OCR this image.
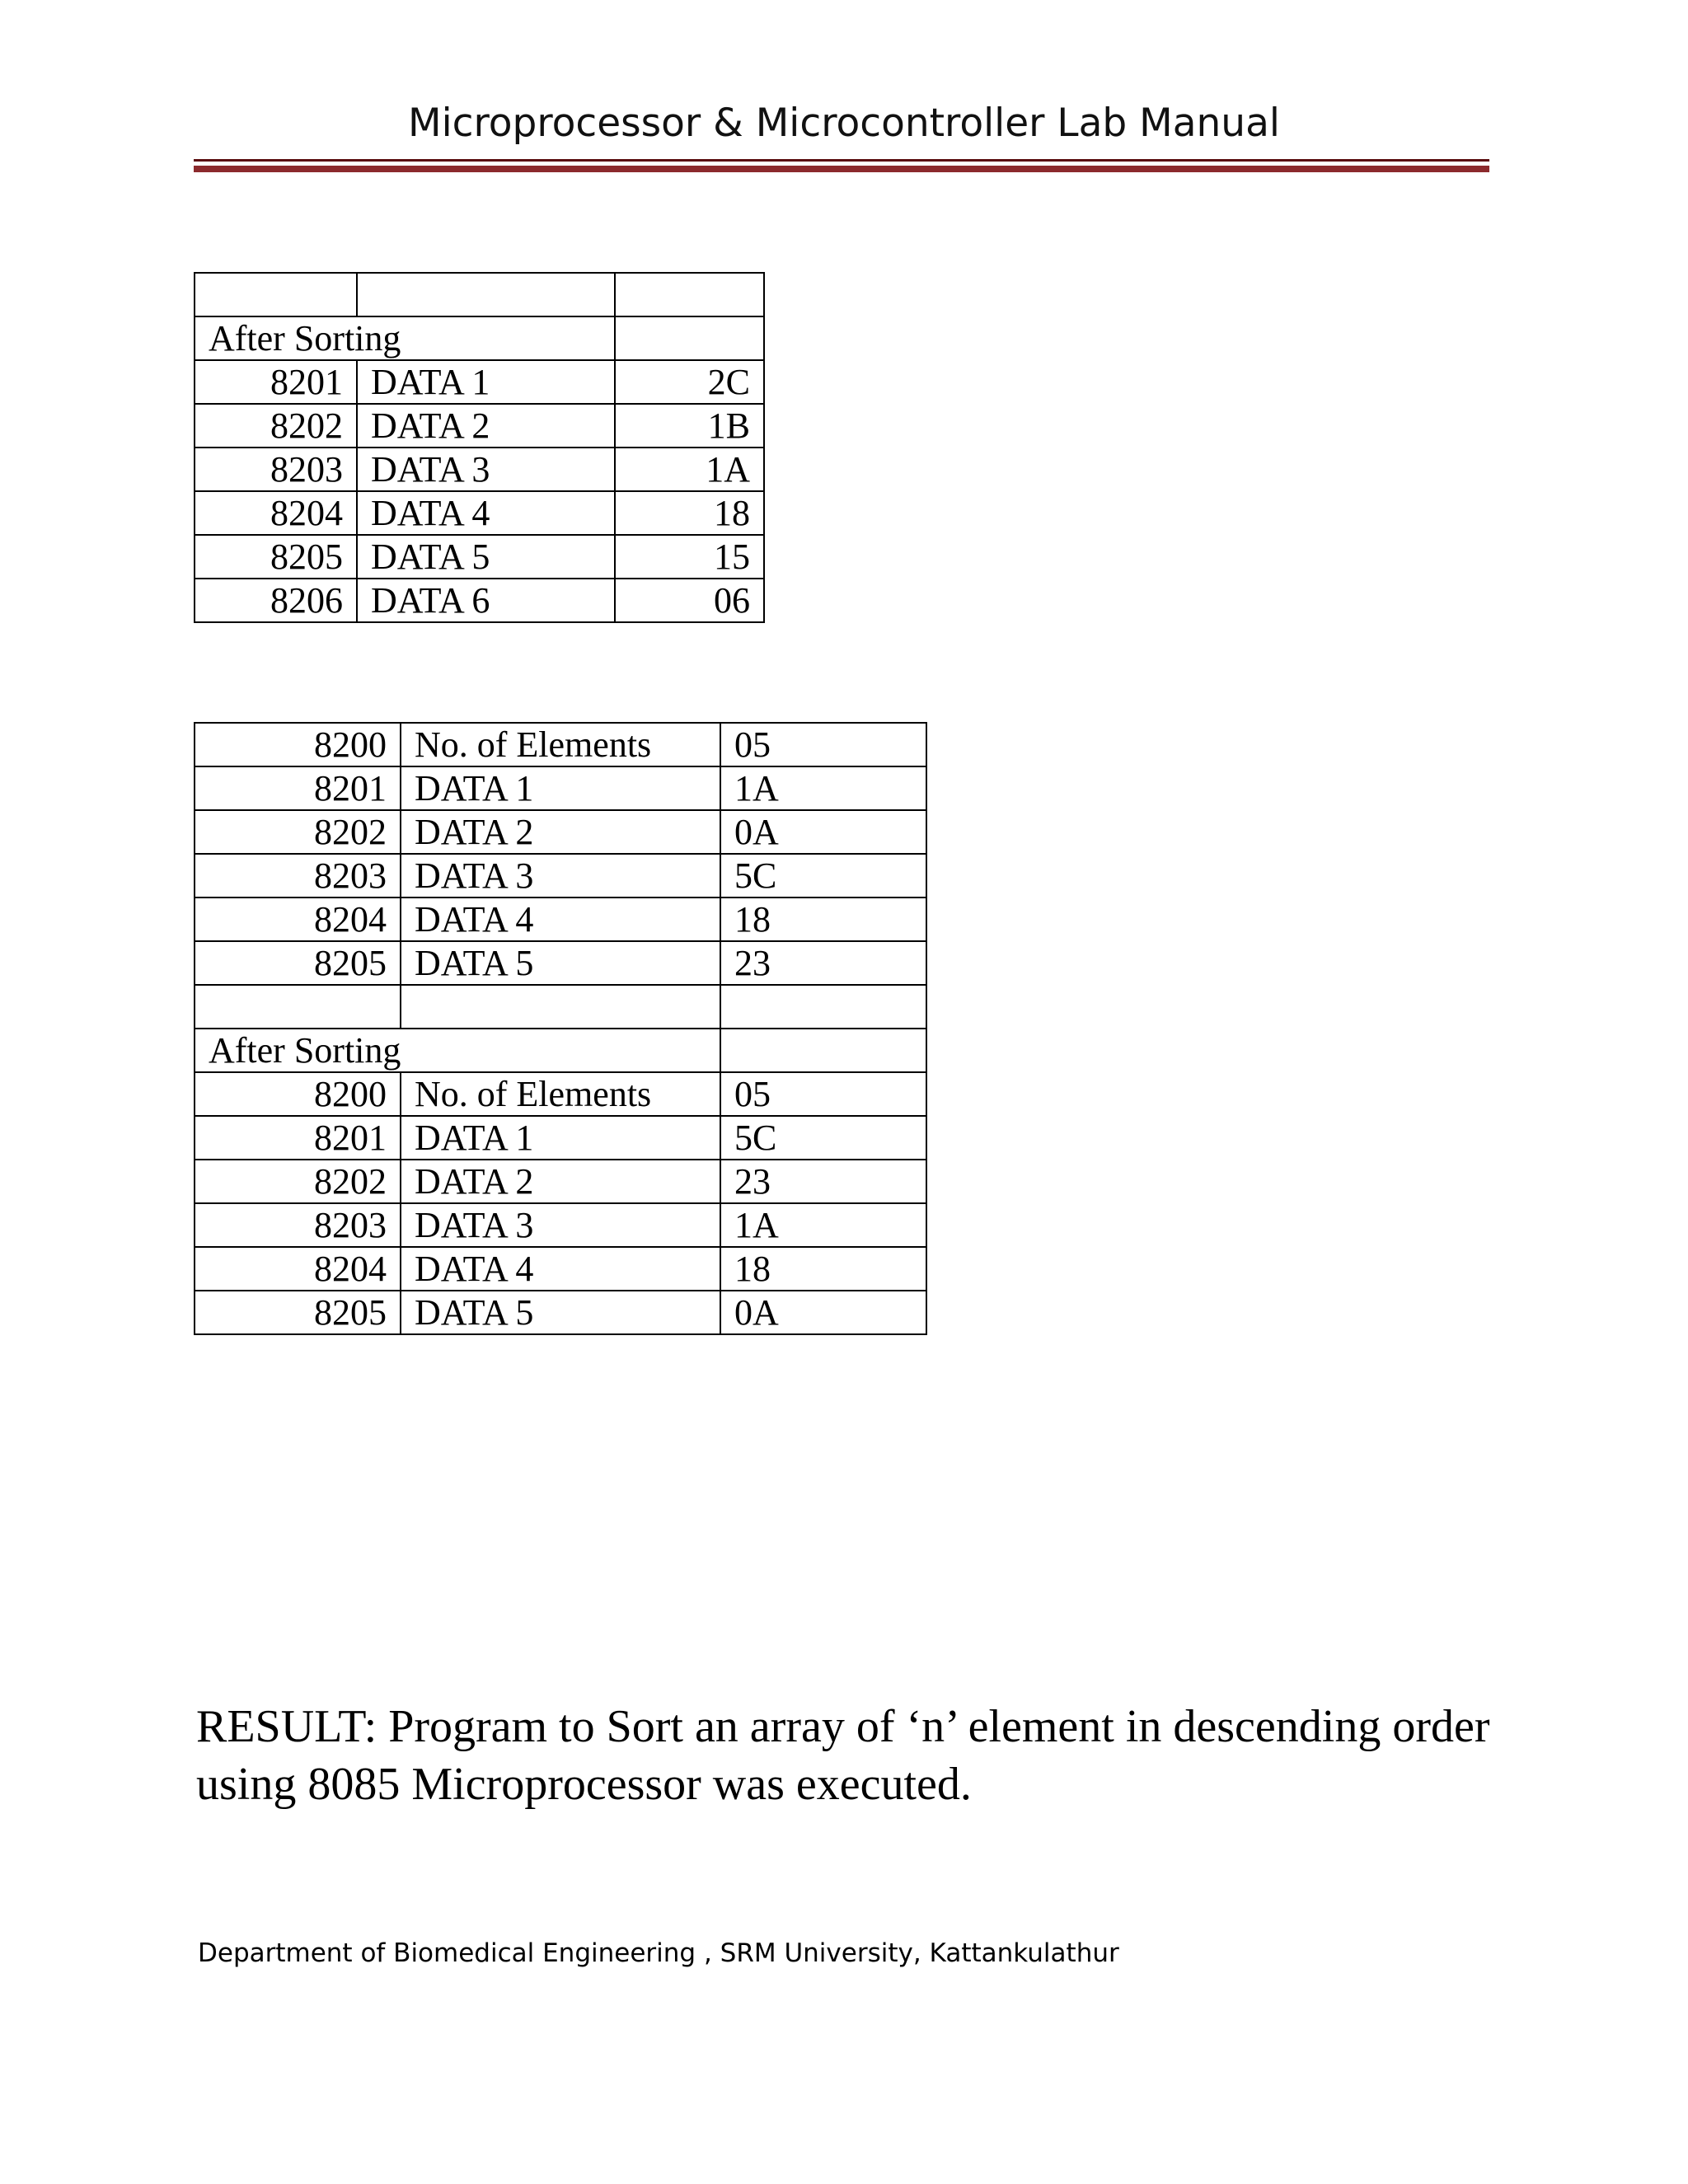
Microprocessor & Microcontroller Lab Manual

After Sorting		
8201	DATA 1	2C
8202	DATA 2	1B
8203	DATA 3	1A
8204	DATA 4	18
8205	DATA 5	15
8206	DATA 6	06
8200	No. of Elements	05
8201	DATA 1	1A
8202	DATA 2	0A
8203	DATA 3	5C
8204	DATA 4	18
8205	DATA 5	23

After Sorting		
8200	No. of Elements	05
8201	DATA 1	5C
8202	DATA 2	23
8203	DATA 3	1A
8204	DATA 4	18
8205	DATA 5	0A
RESULT: Program to Sort an array of ‘n’ element in descending order
using 8085 Microprocessor was executed.
Department of Biomedical Engineering , SRM University, Kattankulathur
